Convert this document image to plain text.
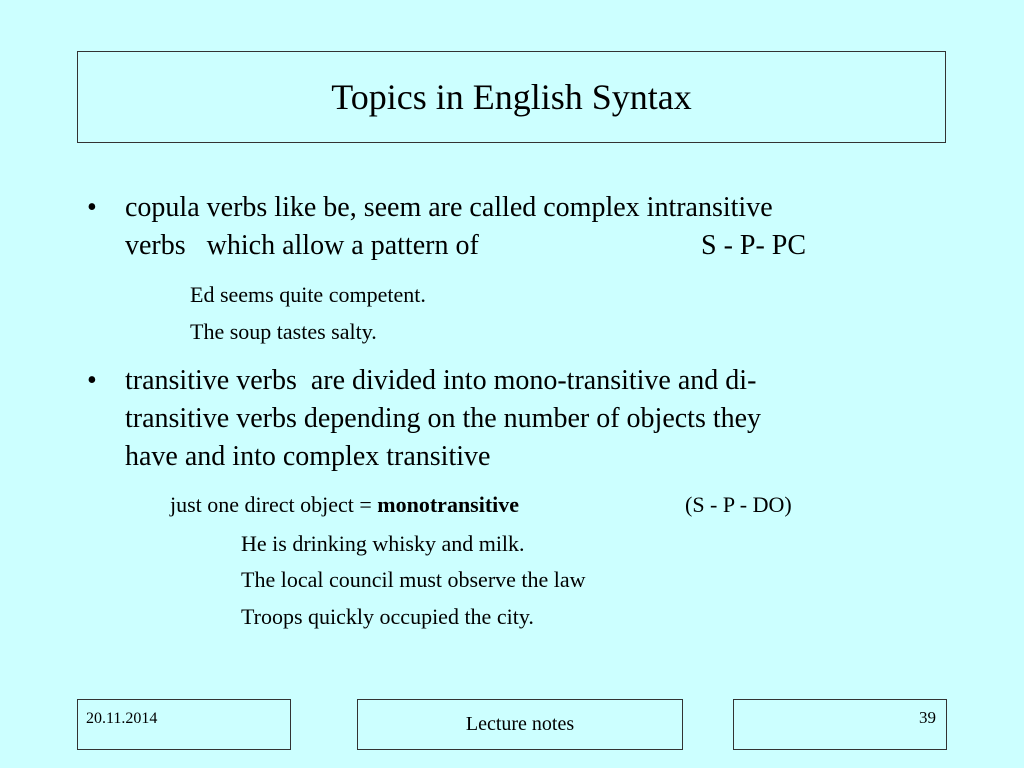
Topics in English Syntax
• copula verbs like be, seem are called complex intransitive
verbs   which allow a pattern of	S - P- PC
Ed seems quite competent.
The soup tastes salty.
• transitive verbs  are divided into mono-transitive and di-
transitive verbs depending on the number of objects they
have and into complex transitive
just one direct object = monotransitive	(S - P - DO)
He is drinking whisky and milk.
The local council must observe the law
Troops quickly occupied the city.
20.11.2014	Lecture notes	39
